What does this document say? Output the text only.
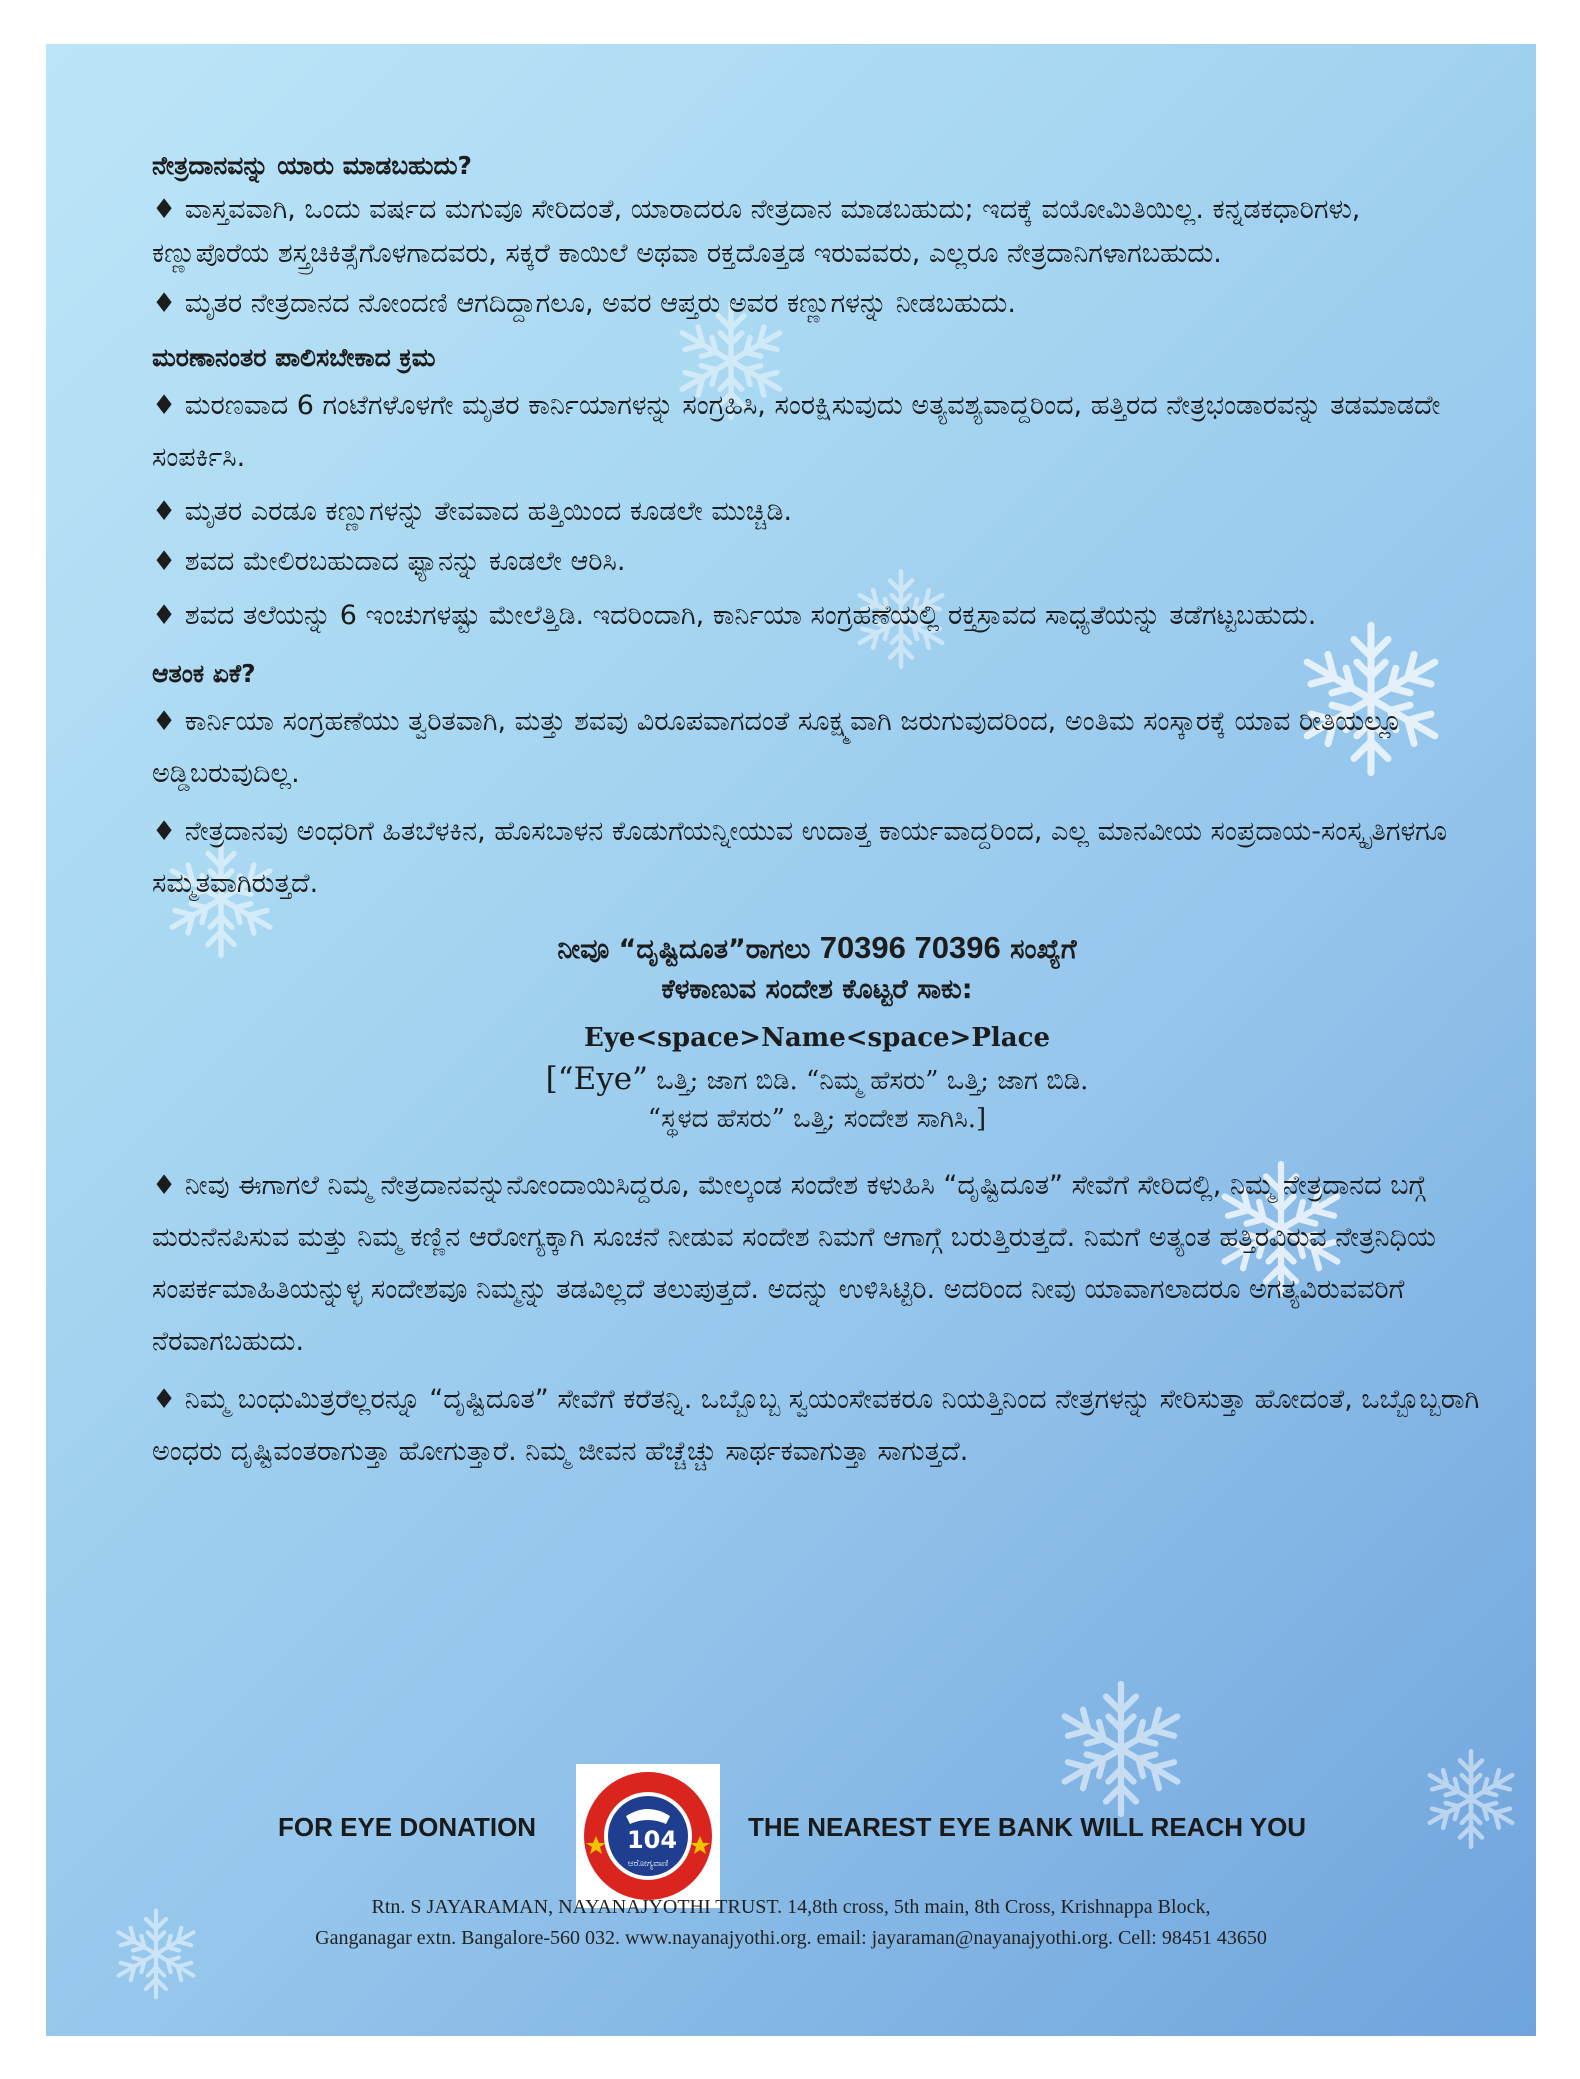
ನೇತ್ರದಾನವನ್ನು ಯಾರು ಮಾಡಬಹುದು?

♦ ವಾಸ್ತವವಾಗಿ, ಒಂದು ವರ್ಷದ ಮಗುವೂ ಸೇರಿದಂತೆ, ಯಾರಾದರೂ ನೇತ್ರದಾನ ಮಾಡಬಹುದು; ಇದಕ್ಕೆ ವಯೋಮಿತಿಯಿಲ್ಲ. ಕನ್ನಡಕಧಾರಿಗಳು, ಕಣ್ಣುಪೊರೆಯ ಶಸ್ತ್ರಚಿಕಿತ್ಸೆಗೊಳಗಾದವರು, ಸಕ್ಕರೆ ಕಾಯಿಲೆ ಅಥವಾ ರಕ್ತದೊತ್ತಡ ಇರುವವರು, ಎಲ್ಲರೂ ನೇತ್ರದಾನಿಗಳಾಗಬಹುದು.

♦ ಮೃತರ ನೇತ್ರದಾನದ ನೋಂದಣಿ ಆಗದಿದ್ದಾಗಲೂ, ಅವರ ಆಪ್ತರು ಅವರ ಕಣ್ಣುಗಳನ್ನು ನೀಡಬಹುದು.

ಮರಣಾನಂತರ ಪಾಲಿಸಬೇಕಾದ ಕ್ರಮ

♦ ಮರಣವಾದ 6 ಗಂಟೆಗಳೊಳಗೇ ಮೃತರ ಕಾರ್ನಿಯಾಗಳನ್ನು ಸಂಗ್ರಹಿಸಿ, ಸಂರಕ್ಷಿಸುವುದು ಅತ್ಯವಶ್ಯವಾದ್ದರಿಂದ, ಹತ್ತಿರದ ನೇತ್ರಭಂಡಾರವನ್ನು ತಡಮಾಡದೇ ಸಂಪರ್ಕಿಸಿ.

♦ ಮೃತರ ಎರಡೂ ಕಣ್ಣುಗಳನ್ನು ತೇವವಾದ ಹತ್ತಿಯಿಂದ ಕೂಡಲೇ ಮುಚ್ಚಿಡಿ.

♦ ಶವದ ಮೇಲಿರಬಹುದಾದ ಫ್ಯಾನನ್ನು ಕೂಡಲೇ ಆರಿಸಿ.

♦ ಶವದ ತಲೆಯನ್ನು 6 ಇಂಚುಗಳಷ್ಟು ಮೇಲೆತ್ತಿಡಿ. ಇದರಿಂದಾಗಿ, ಕಾರ್ನಿಯಾ ಸಂಗ್ರಹಣೆಯಲ್ಲಿ ರಕ್ತಸ್ರಾವದ ಸಾಧ್ಯತೆಯನ್ನು ತಡೆಗಟ್ಟಬಹುದು.

ಆತಂಕ ಏಕೆ?

♦ ಕಾರ್ನಿಯಾ ಸಂಗ್ರಹಣೆಯು ತ್ವರಿತವಾಗಿ, ಮತ್ತು ಶವವು ವಿರೂಪವಾಗದಂತೆ ಸೂಕ್ಷ್ಮವಾಗಿ ಜರುಗುವುದರಿಂದ, ಅಂತಿಮ ಸಂಸ್ಕಾರಕ್ಕೆ ಯಾವ ರೀತಿಯಲ್ಲೂ ಅಡ್ಡಿಬರುವುದಿಲ್ಲ.

♦ ನೇತ್ರದಾನವು ಅಂಧರಿಗೆ ಹಿತಬೆಳಕಿನ, ಹೊಸಬಾಳನ ಕೊಡುಗೆಯನ್ನೀಯುವ ಉದಾತ್ತ ಕಾರ್ಯವಾದ್ದರಿಂದ, ಎಲ್ಲ ಮಾನವೀಯ ಸಂಪ್ರದಾಯ-ಸಂಸ್ಕೃತಿಗಳಗೂ ಸಮ್ಮತವಾಗಿರುತ್ತದೆ.

ನೀವೂ “ದೃಷ್ಟಿದೂತ”ರಾಗಲು 70396 70396 ಸಂಖ್ಯೆಗೆ
ಕೆಳಕಾಣುವ ಸಂದೇಶ ಕೊಟ್ಟರೆ ಸಾಕು:
Eye<space>Name<space>Place
[“Eye” ಒತ್ತಿ; ಜಾಗ ಬಿಡಿ. “ನಿಮ್ಮ ಹೆಸರು” ಒತ್ತಿ; ಜಾಗ ಬಿಡಿ.
“ಸ್ಥಳದ ಹೆಸರು” ಒತ್ತಿ; ಸಂದೇಶ ಸಾಗಿಸಿ.]

♦ ನೀವು ಈಗಾಗಲೆ ನಿಮ್ಮ ನೇತ್ರದಾನವನ್ನುನೋಂದಾಯಿಸಿದ್ದರೂ, ಮೇಲ್ಕಂಡ ಸಂದೇಶ ಕಳುಹಿಸಿ “ದೃಷ್ಟಿದೂತ” ಸೇವೆಗೆ ಸೇರಿದಲ್ಲಿ, ನಿಮ್ಮ ನೇತ್ರದಾನದ ಬಗ್ಗೆ ಮರುನೆನಪಿಸುವ ಮತ್ತು ನಿಮ್ಮ ಕಣ್ಣಿನ ಆರೋಗ್ಯಕ್ಕಾಗಿ ಸೂಚನೆ ನೀಡುವ ಸಂದೇಶ ನಿಮಗೆ ಆಗಾಗ್ಗೆ ಬರುತ್ತಿರುತ್ತದೆ. ನಿಮಗೆ ಅತ್ಯಂತ ಹತ್ತಿರವಿರುವ ನೇತ್ರನಿಧಿಯ ಸಂಪರ್ಕಮಾಹಿತಿಯನ್ನುಳ್ಳ ಸಂದೇಶವೂ ನಿಮ್ಮನ್ನು ತಡವಿಲ್ಲದೆ ತಲುಪುತ್ತದೆ. ಅದನ್ನು ಉಳಿಸಿಟ್ಟಿರಿ. ಅದರಿಂದ ನೀವು ಯಾವಾಗಲಾದರೂ ಅಗತ್ಯವಿರುವವರಿಗೆ ನೆರವಾಗಬಹುದು.

♦ ನಿಮ್ಮ ಬಂಧುಮಿತ್ರರೆಲ್ಲರನ್ನೂ “ದೃಷ್ಟಿದೂತ” ಸೇವೆಗೆ ಕರೆತನ್ನಿ. ಒಬ್ಬೊಬ್ಬ ಸ್ವಯಂಸೇವಕರೂ ನಿಯತ್ತಿನಿಂದ ನೇತ್ರಗಳನ್ನು ಸೇರಿಸುತ್ತಾ ಹೋದಂತೆ, ಒಬ್ಬೊಬ್ಬರಾಗಿ ಅಂಧರು ದೃಷ್ಟಿವಂತರಾಗುತ್ತಾ ಹೋಗುತ್ತಾರೆ. ನಿಮ್ಮ ಜೀವನ ಹೆಚ್ಚೆಚ್ಚು ಸಾರ್ಥಕವಾಗುತ್ತಾ ಸಾಗುತ್ತದೆ.

FOR EYE DONATION	104
ಆರೋಗ್ಯವಾಣಿ
THE NEAREST EYE BANK WILL REACH YOU
Rtn. S JAYARAMAN, NAYANAJYOTHI TRUST. 14,8th cross, 5th main, 8th Cross, Krishnappa Block,
Ganganagar extn. Bangalore-560 032. www.nayanajyothi.org. email: jayaraman@nayanajyothi.org. Cell: 98451 43650
